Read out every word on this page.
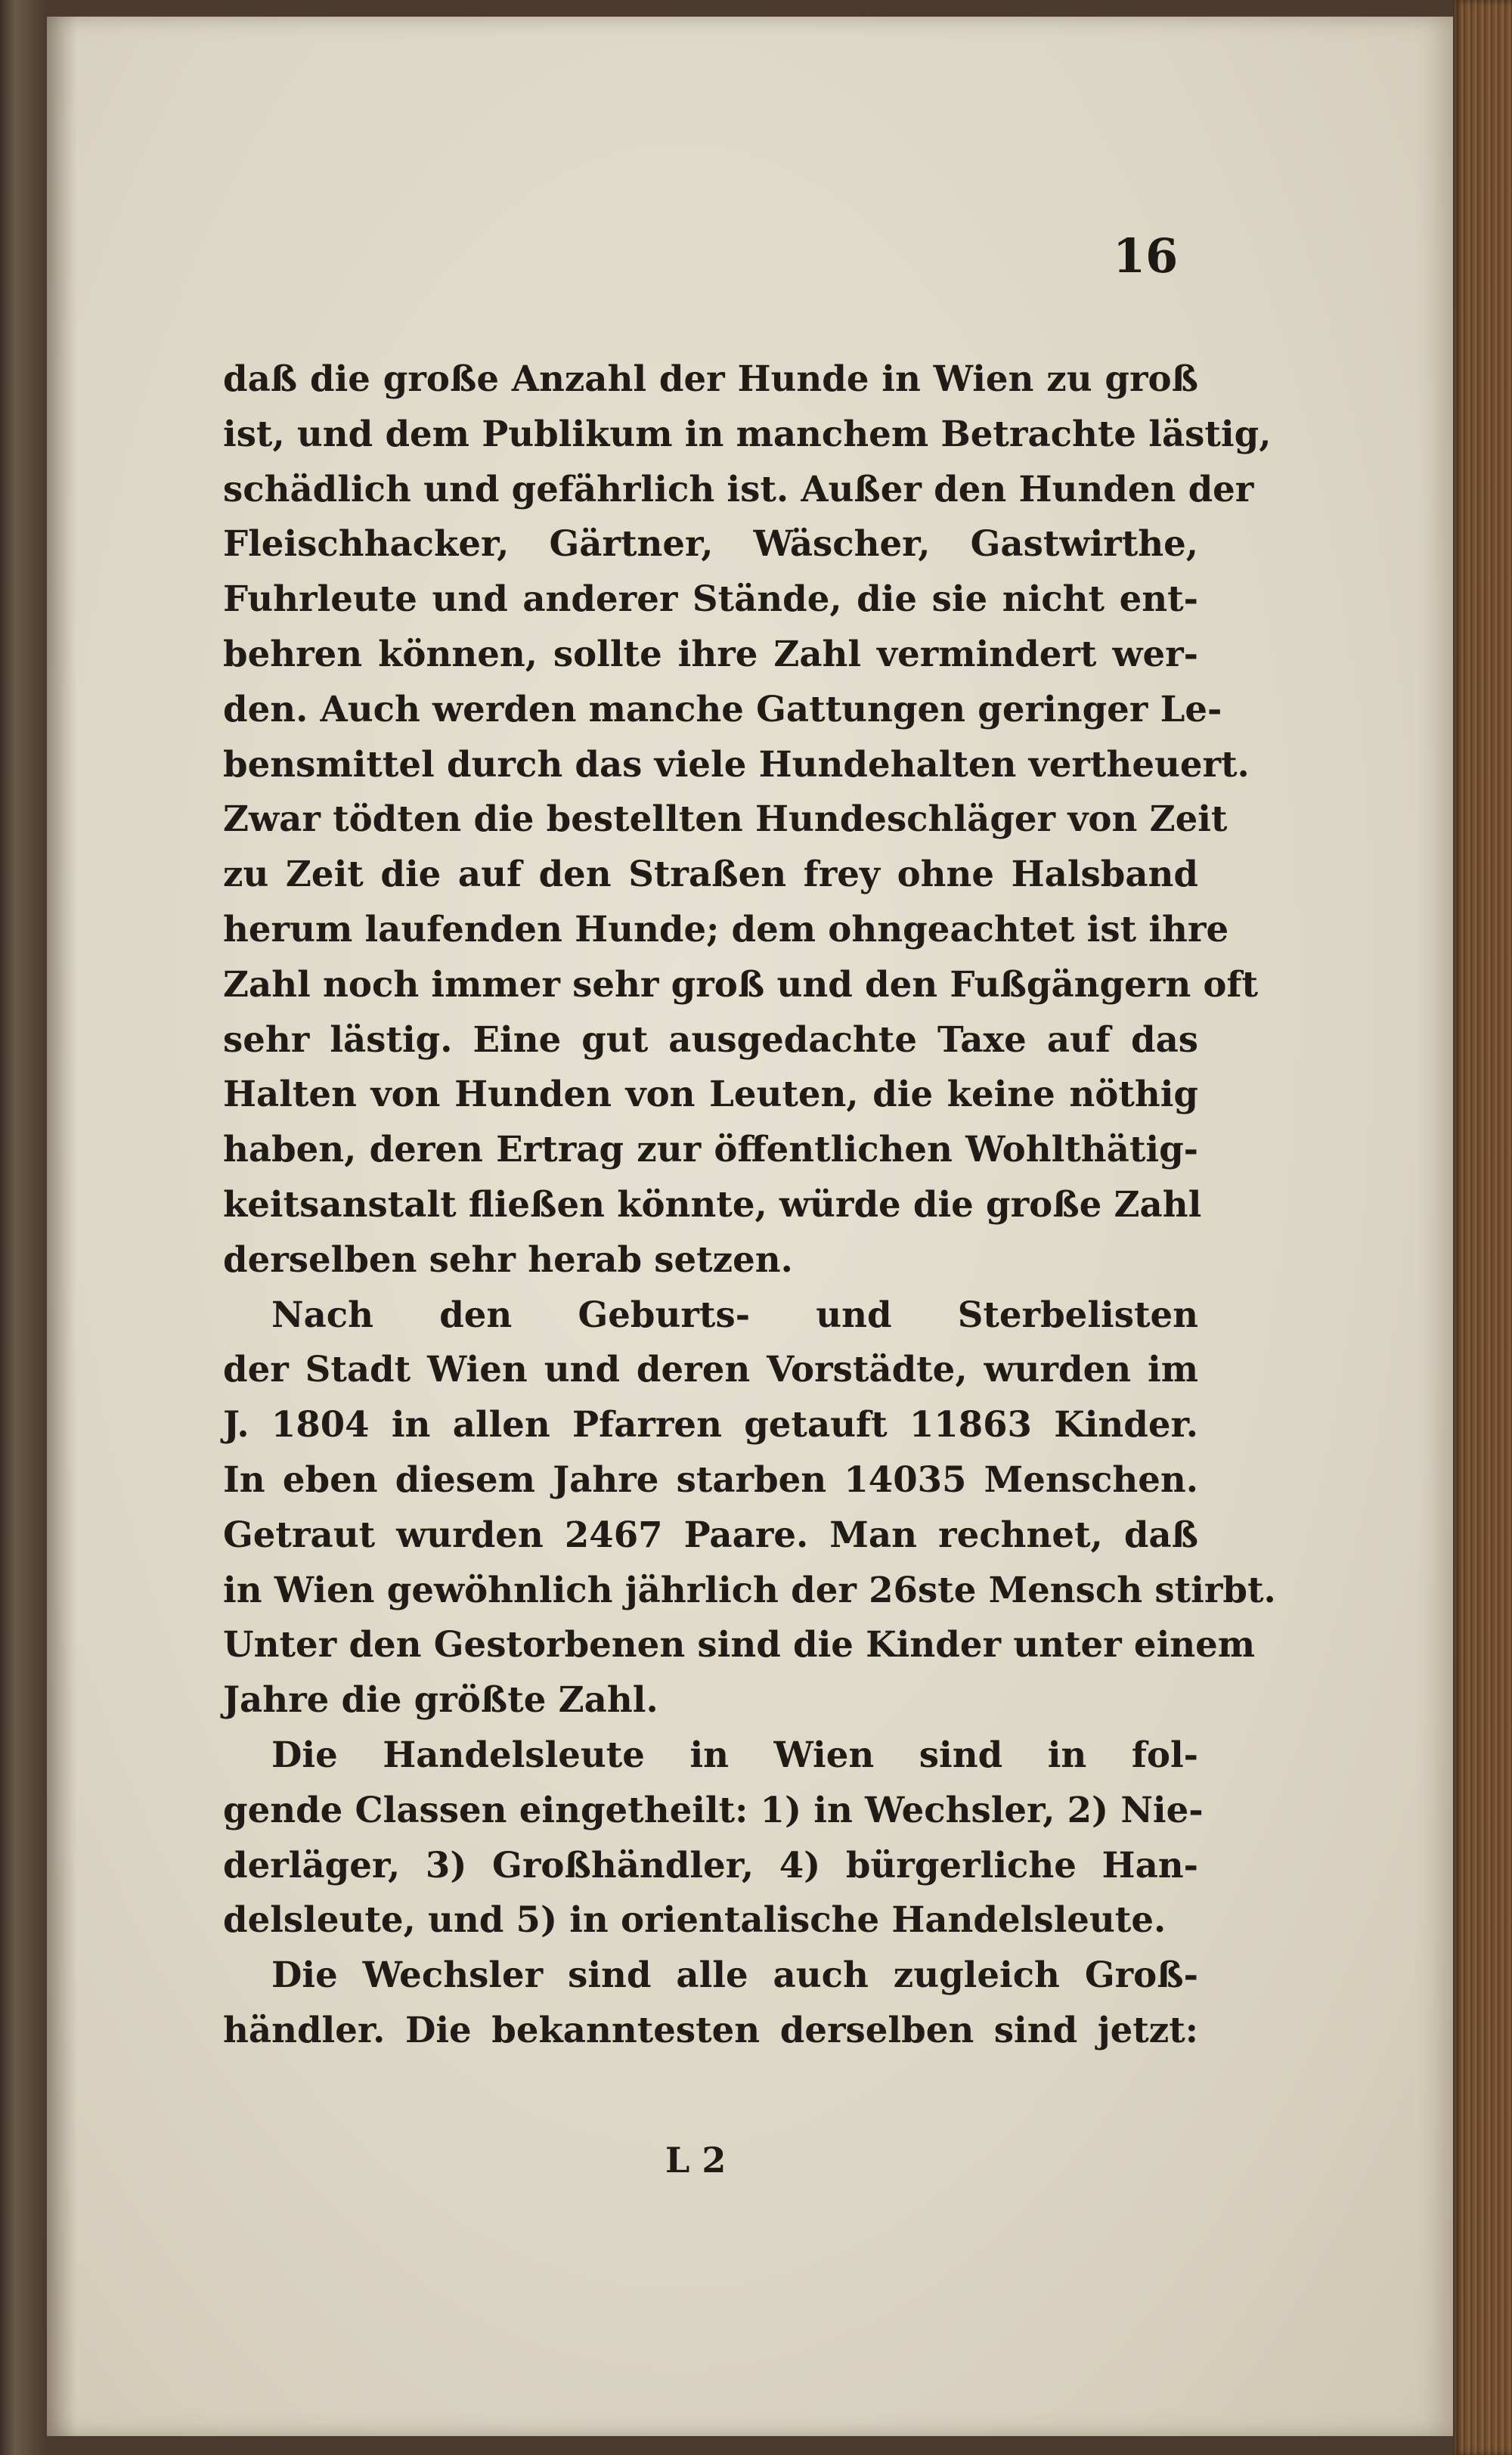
16
daß die große Anzahl der Hunde in Wien zu groß
ist, und dem Publikum in manchem Betrachte lästig,
schädlich und gefährlich ist. Außer den Hunden der
Fleischhacker, Gärtner, Wäscher, Gastwirthe,
Fuhrleute und anderer Stände, die sie nicht ent-
behren können, sollte ihre Zahl vermindert wer-
den. Auch werden manche Gattungen geringer Le-
bensmittel durch das viele Hundehalten vertheuert.
Zwar tödten die bestellten Hundeschläger von Zeit
zu Zeit die auf den Straßen frey ohne Halsband
herum laufenden Hunde; dem ohngeachtet ist ihre
Zahl noch immer sehr groß und den Fußgängern oft
sehr lästig. Eine gut ausgedachte Taxe auf das
Halten von Hunden von Leuten, die keine nöthig
haben, deren Ertrag zur öffentlichen Wohlthätig-
keitsanstalt fließen könnte, würde die große Zahl
derselben sehr herab setzen.
Nach den Geburts- und Sterbelisten
der Stadt Wien und deren Vorstädte, wurden im
J. 1804 in allen Pfarren getauft 11863 Kinder.
In eben diesem Jahre starben 14035 Menschen.
Getraut wurden 2467 Paare. Man rechnet, daß
in Wien gewöhnlich jährlich der 26ste Mensch stirbt.
Unter den Gestorbenen sind die Kinder unter einem
Jahre die größte Zahl.
Die Handelsleute in Wien sind in fol-
gende Classen eingetheilt: 1) in Wechsler, 2) Nie-
derläger, 3) Großhändler, 4) bürgerliche Han-
delsleute, und 5) in orientalische Handelsleute.
Die Wechsler sind alle auch zugleich Groß-
händler. Die bekanntesten derselben sind jetzt:
L 2
